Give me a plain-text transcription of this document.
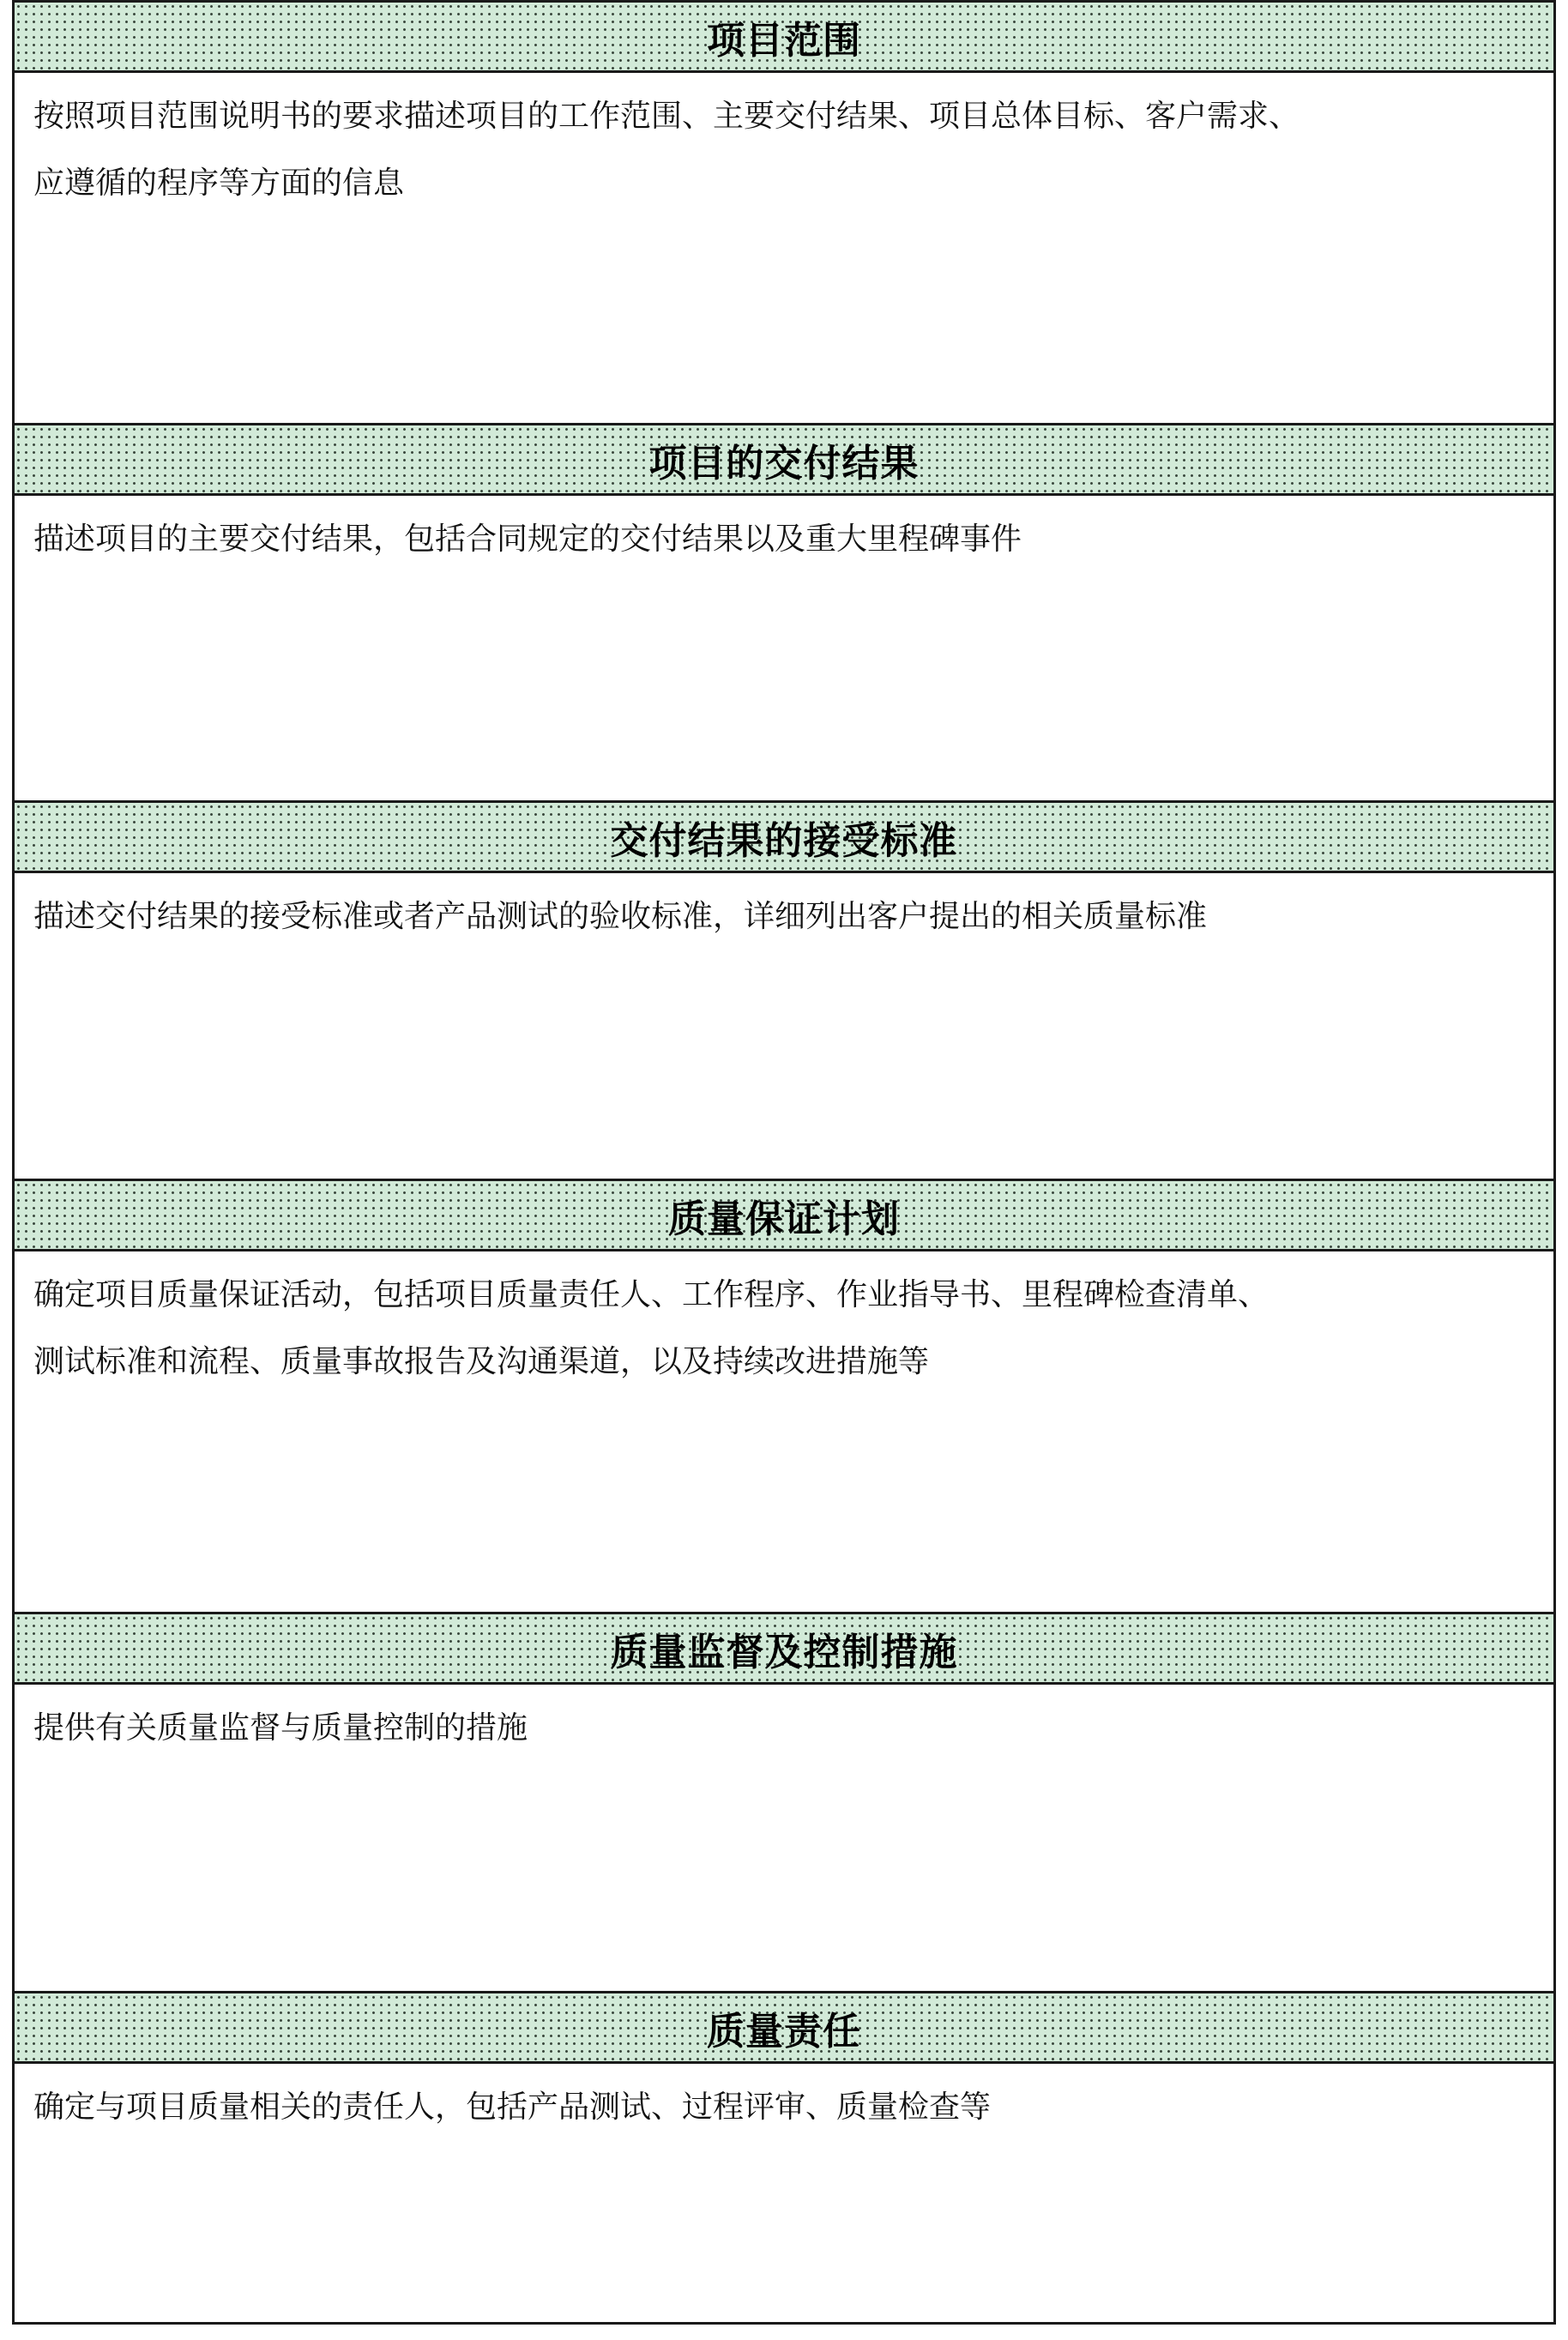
项目范围

按照项目范围说明书的要求描述项目的工作范围、主要交付结果、项目总体目标、客户需求、
应遵循的程序等方面的信息

项目的交付结果

描述项目的主要交付结果，包括合同规定的交付结果以及重大里程碑事件

交付结果的接受标准

描述交付结果的接受标准或者产品测试的验收标准，详细列出客户提出的相关质量标准

质量保证计划

确定项目质量保证活动，包括项目质量责任人、工作程序、作业指导书、里程碑检查清单、
测试标准和流程、质量事故报告及沟通渠道，以及持续改进措施等

质量监督及控制措施

提供有关质量监督与质量控制的措施

质量责任

确定与项目质量相关的责任人，包括产品测试、过程评审、质量检查等
